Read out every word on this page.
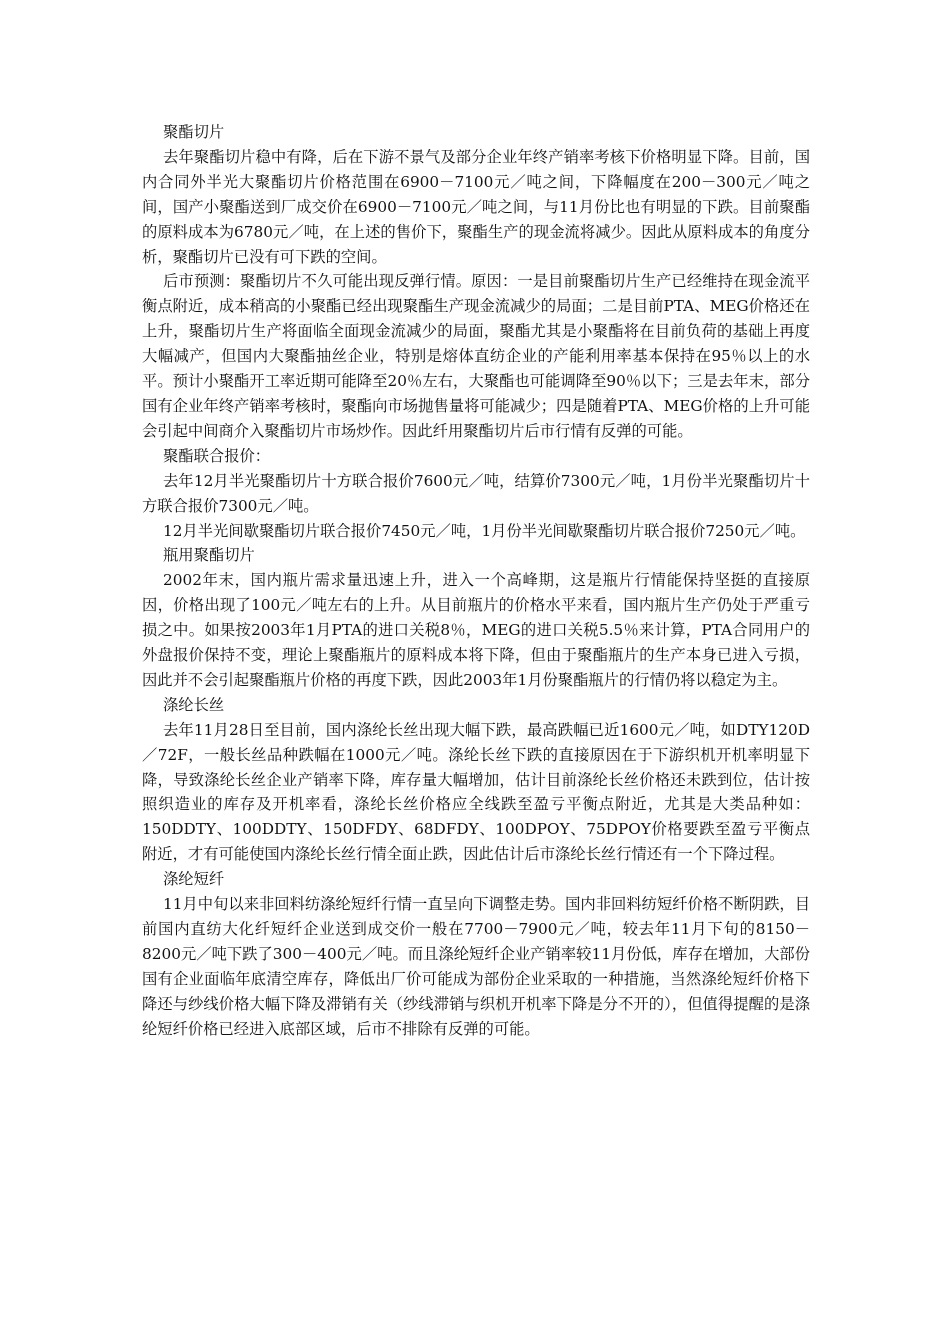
聚酯切片

去年聚酯切片稳中有降，后在下游不景气及部分企业年终产销率考核下价格明显下降。目前，国内合同外半光大聚酯切片价格范围在6900－7100元／吨之间，下降幅度在200－300元／吨之间，国产小聚酯送到厂成交价在6900－7100元／吨之间，与11月份比也有明显的下跌。目前聚酯的原料成本为6780元／吨，在上述的售价下，聚酯生产的现金流将减少。因此从原料成本的角度分析，聚酯切片已没有可下跌的空间。

后市预测：聚酯切片不久可能出现反弹行情。原因：一是目前聚酯切片生产已经维持在现金流平衡点附近，成本稍高的小聚酯已经出现聚酯生产现金流减少的局面；二是目前PTA、MEG价格还在上升，聚酯切片生产将面临全面现金流减少的局面，聚酯尤其是小聚酯将在目前负荷的基础上再度大幅减产，但国内大聚酯抽丝企业，特别是熔体直纺企业的产能利用率基本保持在95％以上的水平。预计小聚酯开工率近期可能降至20％左右，大聚酯也可能调降至90％以下；三是去年末，部分国有企业年终产销率考核时，聚酯向市场抛售量将可能减少；四是随着PTA、MEG价格的上升可能会引起中间商介入聚酯切片市场炒作。因此纤用聚酯切片后市行情有反弹的可能。

聚酯联合报价：

去年12月半光聚酯切片十方联合报价7600元／吨，结算价7300元／吨，1月份半光聚酯切片十方联合报价7300元／吨。

12月半光间歇聚酯切片联合报价7450元／吨，1月份半光间歇聚酯切片联合报价7250元／吨。

瓶用聚酯切片

2002年末，国内瓶片需求量迅速上升，进入一个高峰期，这是瓶片行情能保持坚挺的直接原因，价格出现了100元／吨左右的上升。从目前瓶片的价格水平来看，国内瓶片生产仍处于严重亏损之中。如果按2003年1月PTA的进口关税8％，MEG的进口关税5.5％来计算，PTA合同用户的外盘报价保持不变，理论上聚酯瓶片的原料成本将下降，但由于聚酯瓶片的生产本身已进入亏损，因此并不会引起聚酯瓶片价格的再度下跌，因此2003年1月份聚酯瓶片的行情仍将以稳定为主。

涤纶长丝

去年11月28日至目前，国内涤纶长丝出现大幅下跌，最高跌幅已近1600元／吨，如DTY120D／72F，一般长丝品种跌幅在1000元／吨。涤纶长丝下跌的直接原因在于下游织机开机率明显下降，导致涤纶长丝企业产销率下降，库存量大幅增加，估计目前涤纶长丝价格还未跌到位，估计按照织造业的库存及开机率看，涤纶长丝价格应全线跌至盈亏平衡点附近，尤其是大类品种如：150DDTY、100DDTY、150DFDY、68DFDY、100DPOY、75DPOY价格要跌至盈亏平衡点附近，才有可能使国内涤纶长丝行情全面止跌，因此估计后市涤纶长丝行情还有一个下降过程。

涤纶短纤

11月中旬以来非回料纺涤纶短纤行情一直呈向下调整走势。国内非回料纺短纤价格不断阴跌，目前国内直纺大化纤短纤企业送到成交价一般在7700－7900元／吨，较去年11月下旬的8150－8200元／吨下跌了300－400元／吨。而且涤纶短纤企业产销率较11月份低，库存在增加，大部份国有企业面临年底清空库存，降低出厂价可能成为部份企业采取的一种措施，当然涤纶短纤价格下降还与纱线价格大幅下降及滞销有关（纱线滞销与织机开机率下降是分不开的），但值得提醒的是涤纶短纤价格已经进入底部区域，后市不排除有反弹的可能。
